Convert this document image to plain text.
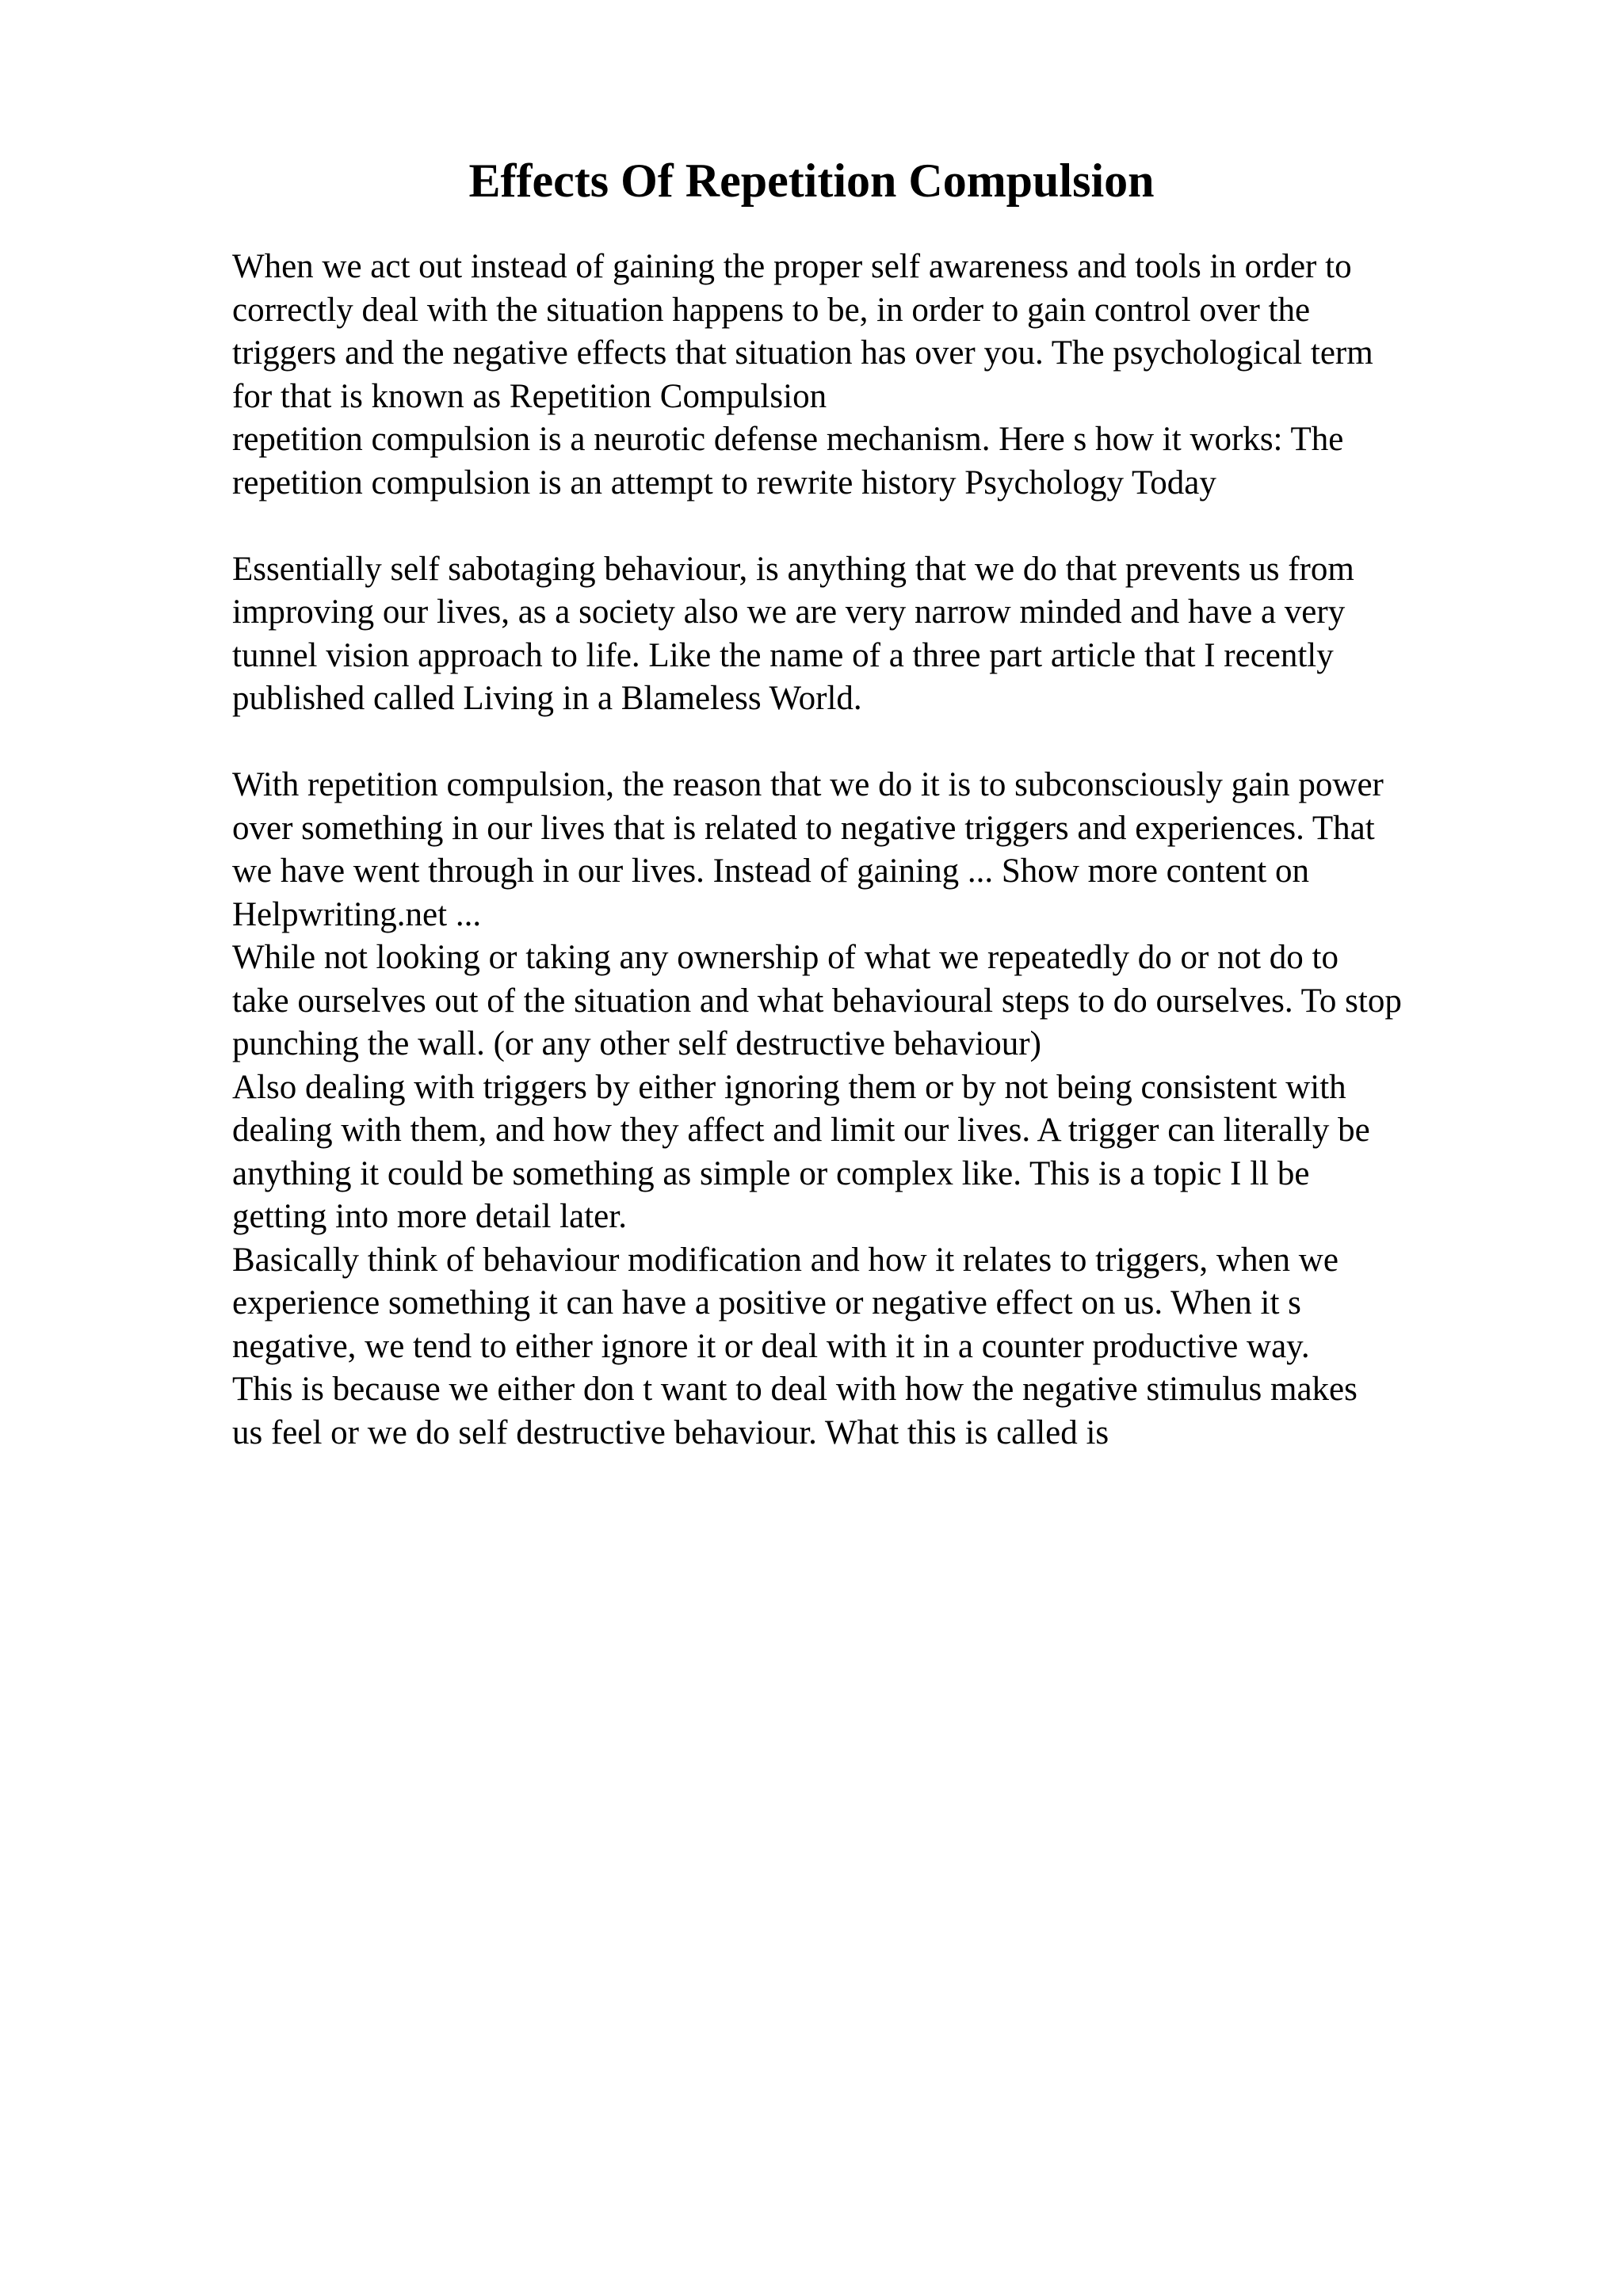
Effects Of Repetition Compulsion
When we act out instead of gaining the proper self awareness and tools in order to
correctly deal with the situation happens to be, in order to gain control over the
triggers and the negative effects that situation has over you. The psychological term
for that is known as Repetition Compulsion
repetition compulsion is a neurotic defense mechanism. Here s how it works: The
repetition compulsion is an attempt to rewrite history Psychology Today
Essentially self sabotaging behaviour, is anything that we do that prevents us from
improving our lives, as a society also we are very narrow minded and have a very
tunnel vision approach to life. Like the name of a three part article that I recently
published called Living in a Blameless World.
With repetition compulsion, the reason that we do it is to subconsciously gain power
over something in our lives that is related to negative triggers and experiences. That
we have went through in our lives. Instead of gaining ... Show more content on
Helpwriting.net ...
While not looking or taking any ownership of what we repeatedly do or not do to
take ourselves out of the situation and what behavioural steps to do ourselves. To stop
punching the wall. (or any other self destructive behaviour)
Also dealing with triggers by either ignoring them or by not being consistent with
dealing with them, and how they affect and limit our lives. A trigger can literally be
anything it could be something as simple or complex like. This is a topic I ll be
getting into more detail later.
Basically think of behaviour modification and how it relates to triggers, when we
experience something it can have a positive or negative effect on us. When it s
negative, we tend to either ignore it or deal with it in a counter productive way.
This is because we either don t want to deal with how the negative stimulus makes
us feel or we do self destructive behaviour. What this is called is
